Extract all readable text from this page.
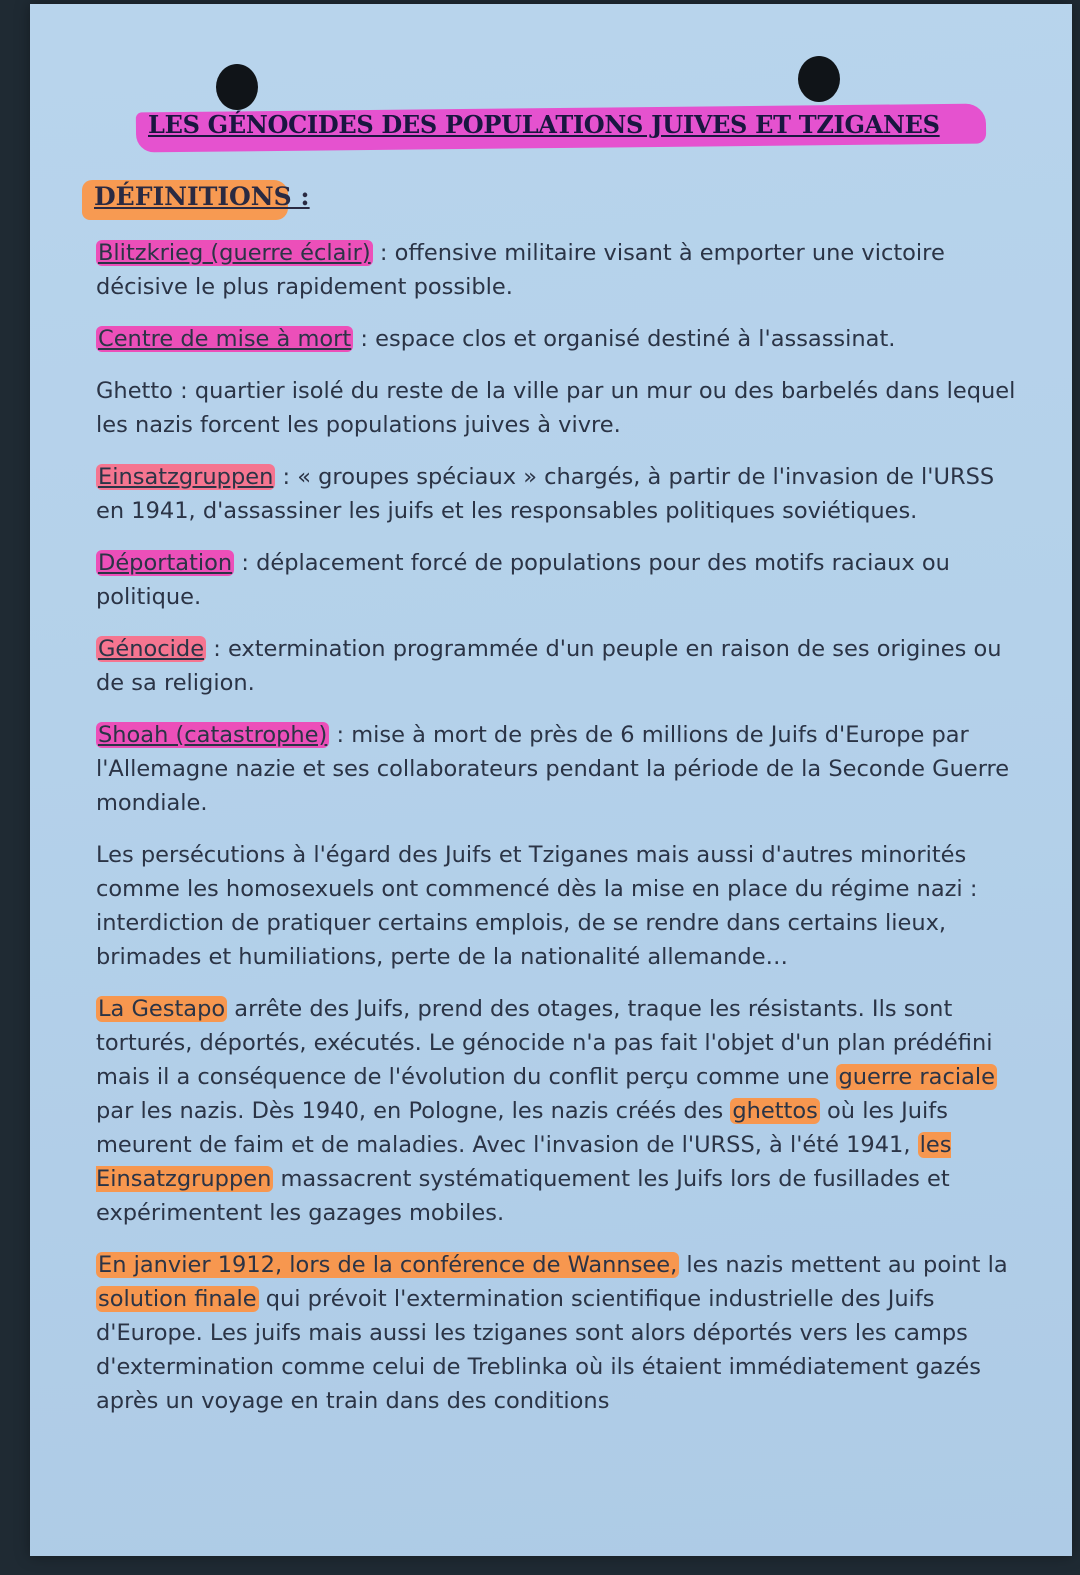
LES GÉNOCIDES DES POPULATIONS JUIVES ET TZIGANES
DÉFINITIONS :

Blitzkrieg (guerre éclair) : offensive militaire visant à emporter une victoire décisive le plus rapidement possible.

Centre de mise à mort : espace clos et organisé destiné à l'assassinat.

Ghetto : quartier isolé du reste de la ville par un mur ou des barbelés dans lequel les nazis forcent les populations juives à vivre.

Einsatzgruppen : « groupes spéciaux » chargés, à partir de l'invasion de l'URSS en 1941, d'assassiner les juifs et les responsables politiques soviétiques.

Déportation : déplacement forcé de populations pour des motifs raciaux ou politique.

Génocide : extermination programmée d'un peuple en raison de ses origines ou de sa religion.

Shoah (catastrophe) : mise à mort de près de 6 millions de Juifs d'Europe par l'Allemagne nazie et ses collaborateurs pendant la période de la Seconde Guerre mondiale.

Les persécutions à l'égard des Juifs et Tziganes mais aussi d'autres minorités comme les homosexuels ont commencé dès la mise en place du régime nazi : interdiction de pratiquer certains emplois, de se rendre dans certains lieux, brimades et humiliations, perte de la nationalité allemande…

La Gestapo arrête des Juifs, prend des otages, traque les résistants. Ils sont torturés, déportés, exécutés. Le génocide n'a pas fait l'objet d'un plan prédéfini mais il a conséquence de l'évolution du conflit perçu comme une guerre raciale par les nazis. Dès 1940, en Pologne, les nazis créés des ghettos où les Juifs meurent de faim et de maladies. Avec l'invasion de l'URSS, à l'été 1941, les Einsatzgruppen massacrent systématiquement les Juifs lors de fusillades et expérimentent les gazages mobiles.

En janvier 1912, lors de la conférence de Wannsee, les nazis mettent au point la solution finale qui prévoit l'extermination scientifique industrielle des Juifs d'Europe. Les juifs mais aussi les tziganes sont alors déportés vers les camps d'extermination comme celui de Treblinka où ils étaient immédiatement gazés après un voyage en train dans des conditions
